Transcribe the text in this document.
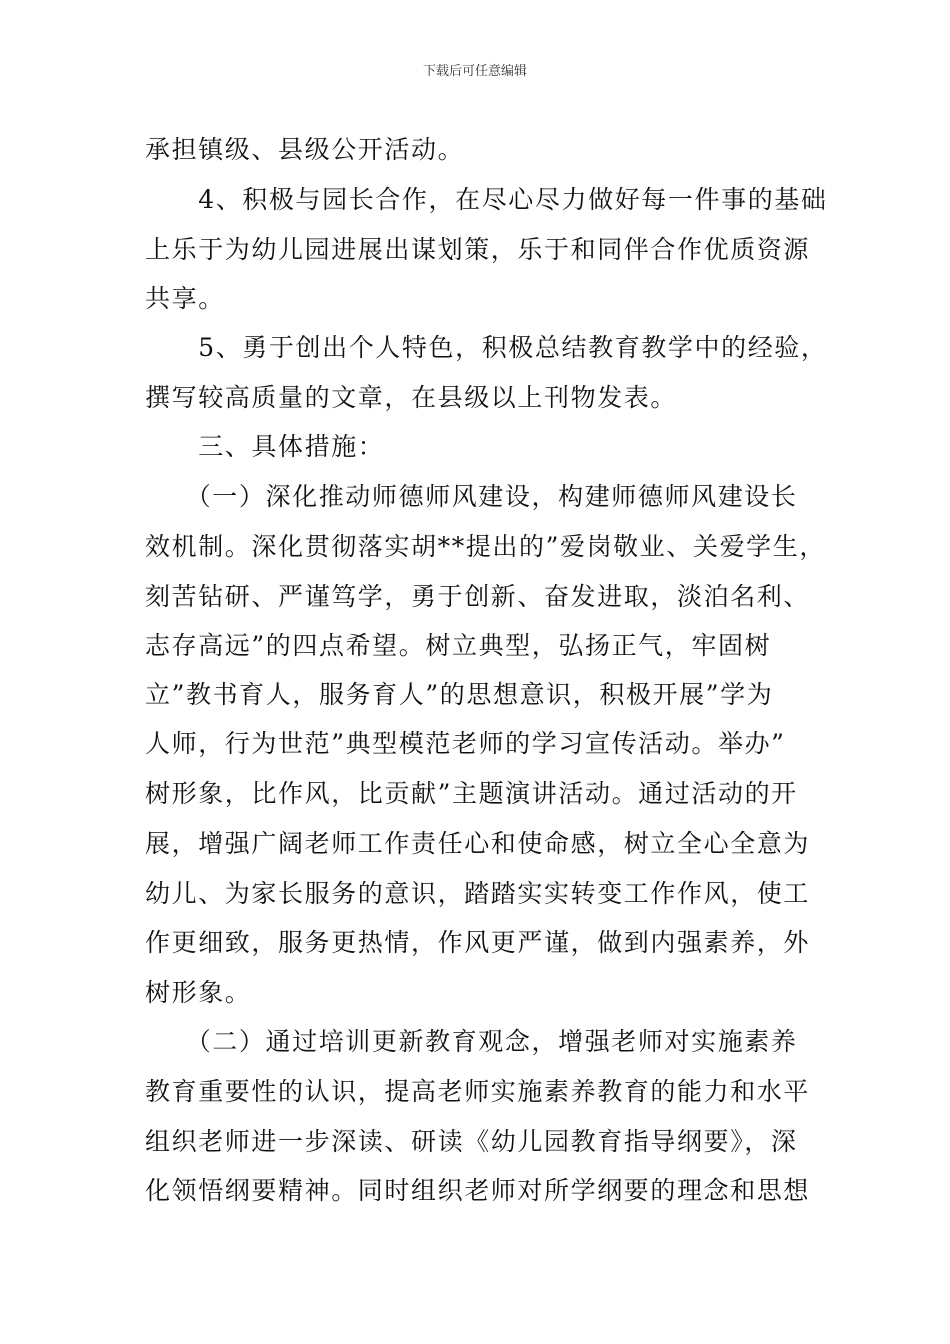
下载后可任意编辑
承担镇级、县级公开活动。
　　4、积极与园长合作，在尽心尽力做好每一件事的基础
上乐于为幼儿园进展出谋划策，乐于和同伴合作优质资源
共享。
　　5、勇于创出个人特色，积极总结教育教学中的经验，
撰写较高质量的文章，在县级以上刊物发表。
　　三、具体措施：
　　（一）深化推动师德师风建设，构建师德师风建设长
效机制。深化贯彻落实胡**提出的”爱岗敬业、关爱学生，
刻苦钻研、严谨笃学，勇于创新、奋发进取，淡泊名利、
志存高远”的四点希望。树立典型，弘扬正气，牢固树
立”教书育人，服务育人”的思想意识，积极开展”学为
人师，行为世范”典型模范老师的学习宣传活动。举办”
树形象，比作风，比贡献”主题演讲活动。通过活动的开
展，增强广阔老师工作责任心和使命感，树立全心全意为
幼儿、为家长服务的意识，踏踏实实转变工作作风，使工
作更细致，服务更热情，作风更严谨，做到内强素养，外
树形象。
　　（二）通过培训更新教育观念，增强老师对实施素养
教育重要性的认识，提高老师实施素养教育的能力和水平
组织老师进一步深读、研读《幼儿园教育指导纲要》，深
化领悟纲要精神。同时组织老师对所学纲要的理念和思想
